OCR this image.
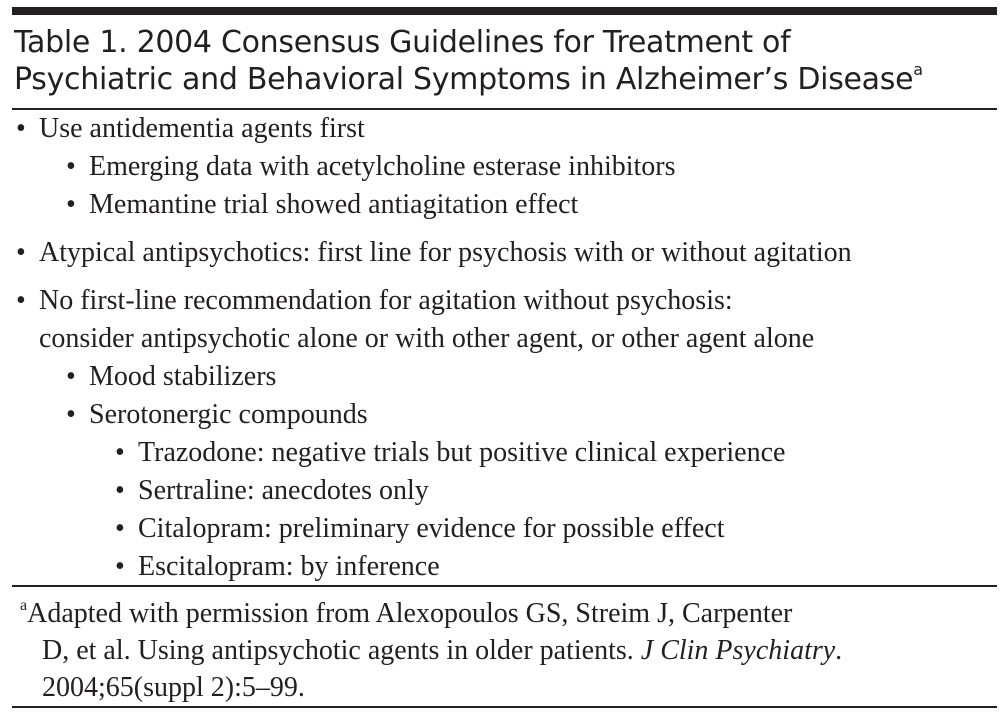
Table 1. 2004 Consensus Guidelines for Treatment of
Psychiatric and Behavioral Symptoms in Alzheimer’s Disease$^a$
• Use antidementia agents first
• Emerging data with acetylcholine esterase inhibitors
• Memantine trial showed antiagitation effect
• Atypical antipsychotics: first line for psychosis with or without agitation
• No first-line recommendation for agitation without psychosis:
consider antipsychotic alone or with other agent, or other agent alone
• Mood stabilizers
• Serotonergic compounds
• Trazodone: negative trials but positive clinical experience
• Sertraline: anecdotes only
• Citalopram: preliminary evidence for possible effect
• Escitalopram: by inference
$^a$Adapted with permission from Alexopoulos GS, Streim J, Carpenter
D, et al. Using antipsychotic agents in older patients. J Clin Psychiatry.
2004;65(suppl 2):5–99.
